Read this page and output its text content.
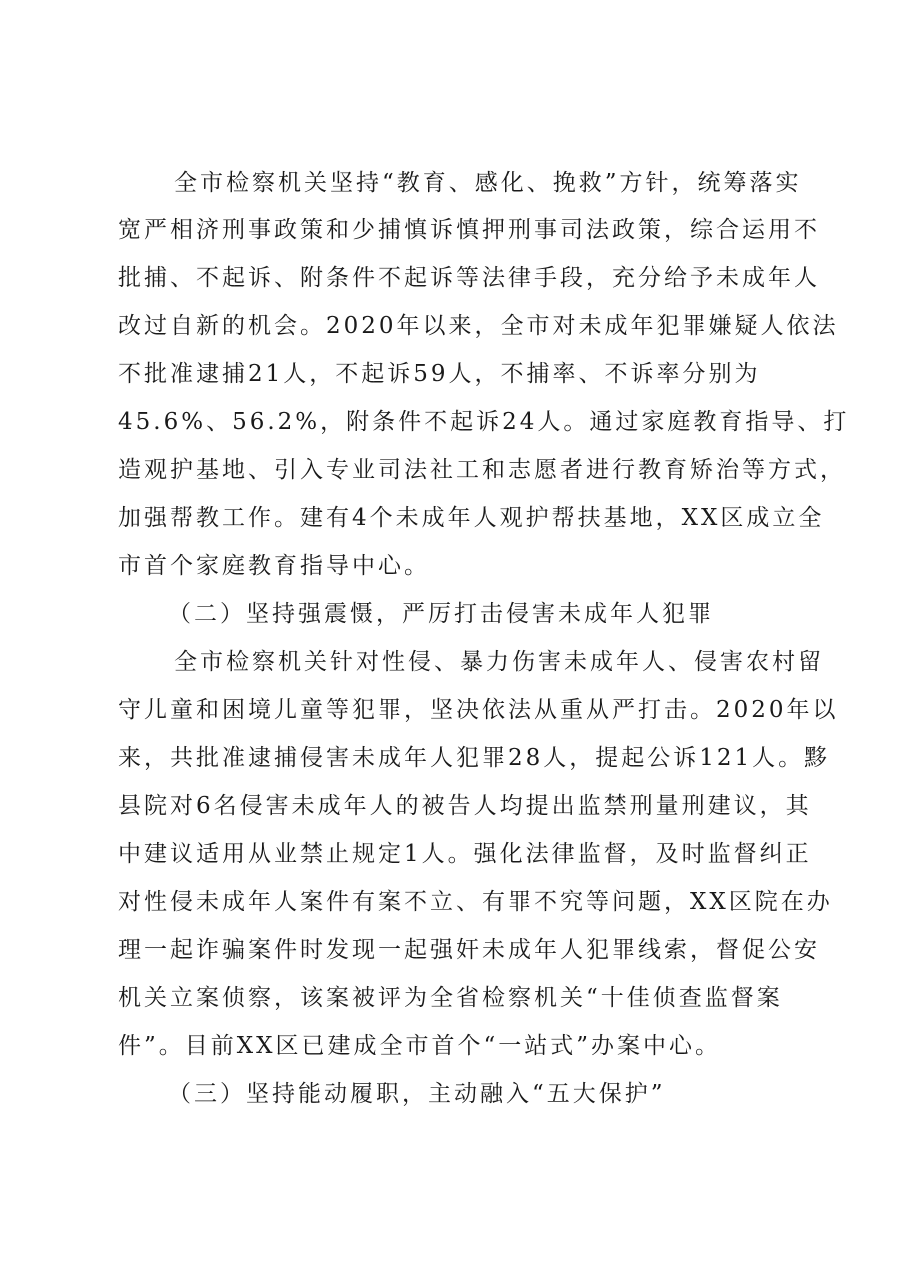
全市检察机关坚持“教育、感化、挽救”方针，统筹落实
宽严相济刑事政策和少捕慎诉慎押刑事司法政策，综合运用不
批捕、不起诉、附条件不起诉等法律手段，充分给予未成年人
改过自新的机会。2020年以来，全市对未成年犯罪嫌疑人依法
不批准逮捕21人，不起诉59人，不捕率、不诉率分别为
45.6%、56.2%，附条件不起诉24人。通过家庭教育指导、打
造观护基地、引入专业司法社工和志愿者进行教育矫治等方式，
加强帮教工作。建有4个未成年人观护帮扶基地，XX区成立全
市首个家庭教育指导中心。
（二）坚持强震慑，严厉打击侵害未成年人犯罪
全市检察机关针对性侵、暴力伤害未成年人、侵害农村留
守儿童和困境儿童等犯罪，坚决依法从重从严打击。2020年以
来，共批准逮捕侵害未成年人犯罪28人，提起公诉121人。黟
县院对6名侵害未成年人的被告人均提出监禁刑量刑建议，其
中建议适用从业禁止规定1人。强化法律监督，及时监督纠正
对性侵未成年人案件有案不立、有罪不究等问题，XX区院在办
理一起诈骗案件时发现一起强奸未成年人犯罪线索，督促公安
机关立案侦察，该案被评为全省检察机关“十佳侦查监督案
件”。目前XX区已建成全市首个“一站式”办案中心。
（三）坚持能动履职，主动融入“五大保护”
